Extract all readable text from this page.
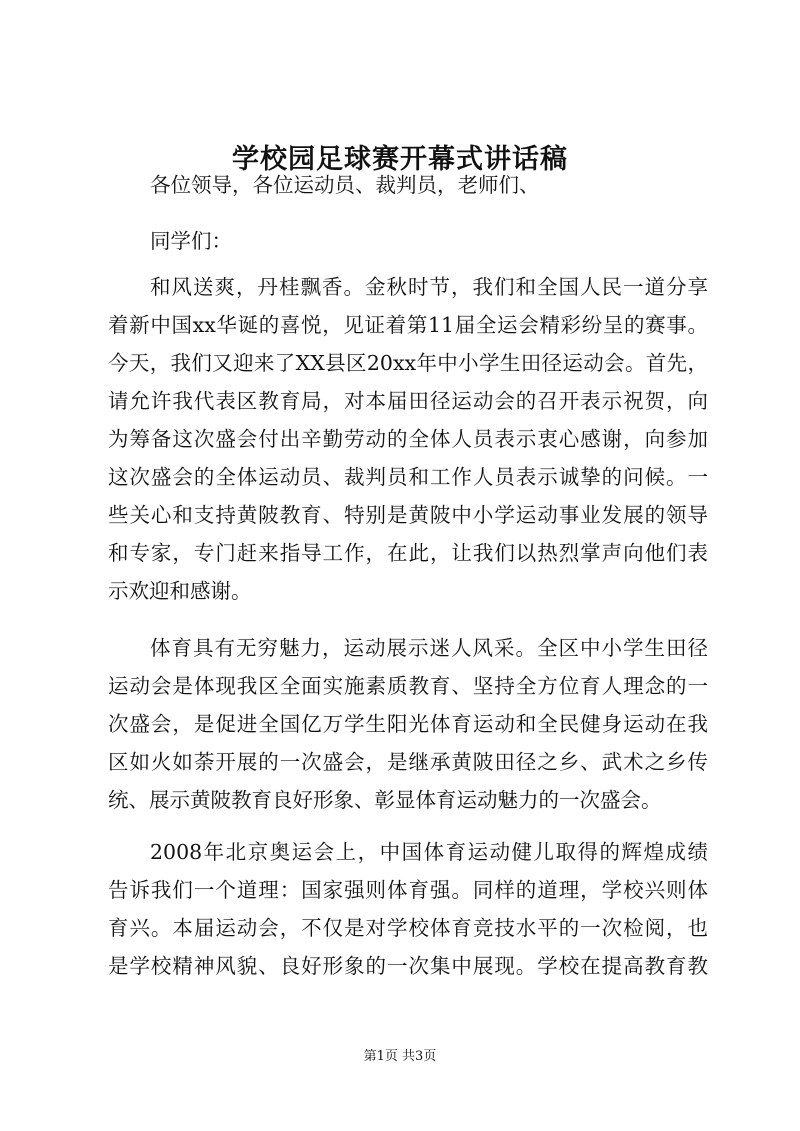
学校园足球赛开幕式讲话稿

各位领导，各位运动员、裁判员，老师们、

同学们：

和风送爽，丹桂飘香。金秋时节，我们和全国人民一道分享

着新中国xx华诞的喜悦，见证着第11届全运会精彩纷呈的赛事。

今天，我们又迎来了XX县区20xx年中小学生田径运动会。首先，

请允许我代表区教育局，对本届田径运动会的召开表示祝贺，向

为筹备这次盛会付出辛勤劳动的全体人员表示衷心感谢，向参加

这次盛会的全体运动员、裁判员和工作人员表示诚挚的问候。一

些关心和支持黄陂教育、特别是黄陂中小学运动事业发展的领导

和专家，专门赶来指导工作，在此，让我们以热烈掌声向他们表

示欢迎和感谢。

体育具有无穷魅力，运动展示迷人风采。全区中小学生田径

运动会是体现我区全面实施素质教育、坚持全方位育人理念的一

次盛会，是促进全国亿万学生阳光体育运动和全民健身运动在我

区如火如荼开展的一次盛会，是继承黄陂田径之乡、武术之乡传

统、展示黄陂教育良好形象、彰显体育运动魅力的一次盛会。

2008年北京奥运会上，中国体育运动健儿取得的辉煌成绩

告诉我们一个道理：国家强则体育强。同样的道理，学校兴则体

育兴。本届运动会，不仅是对学校体育竞技水平的一次检阅，也

是学校精神风貌、良好形象的一次集中展现。学校在提高教育教

第1页 共3页
